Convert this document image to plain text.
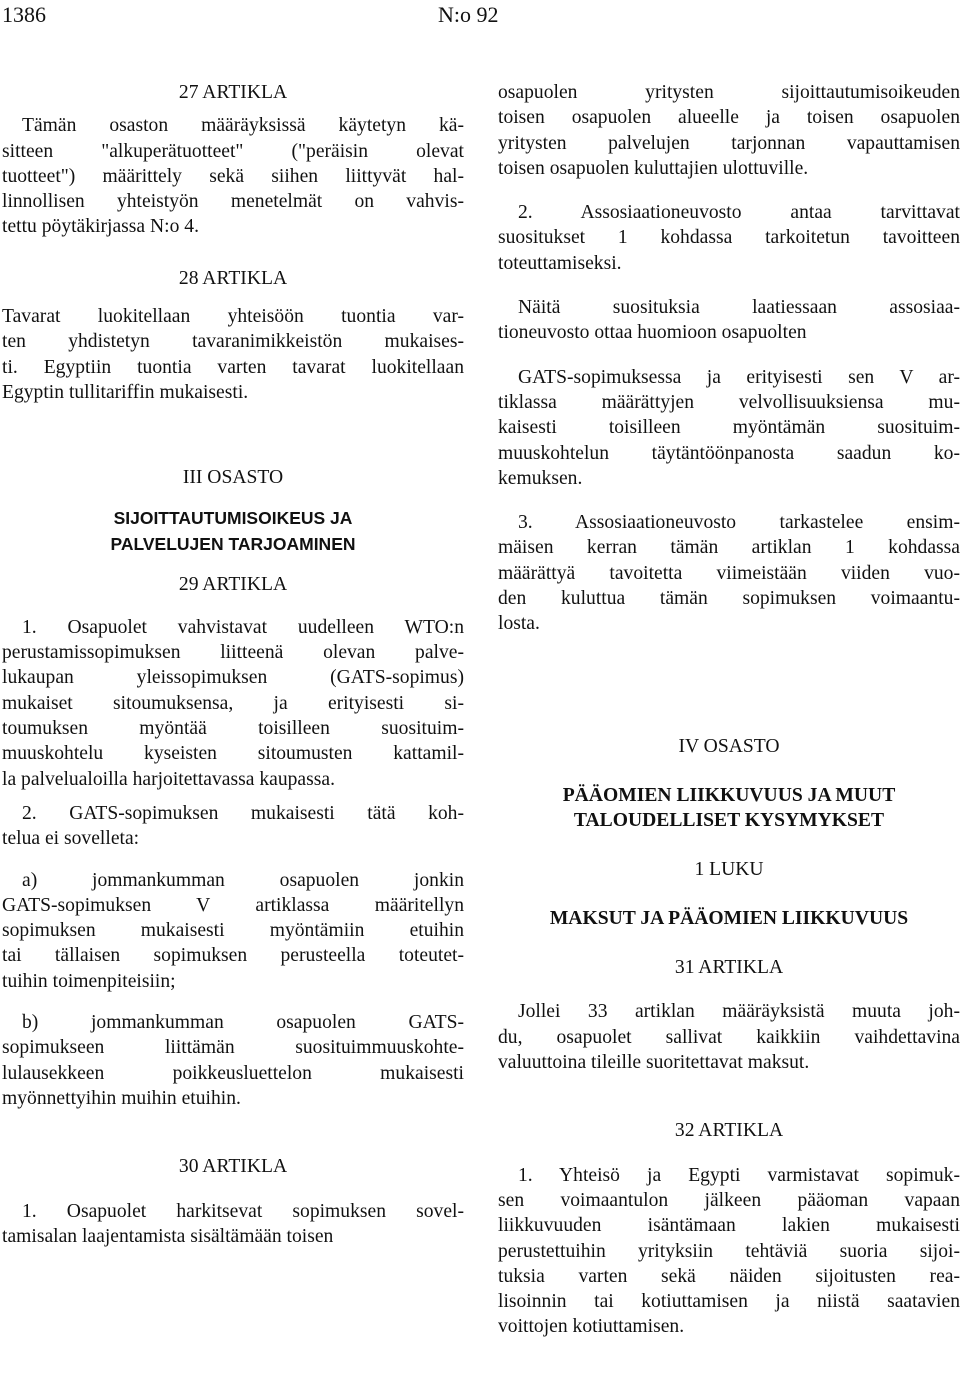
1386	N:o 92
27 ARTIKLA
Tämän osaston määräyksissä käytetyn kä-
sitteen "alkuperätuotteet" ("peräisin olevat
tuotteet") määrittely sekä siihen liittyvät hal-
linnollisen yhteistyön menetelmät on vahvis-
tettu pöytäkirjassa N:o 4.
28 ARTIKLA
Tavarat luokitellaan yhteisöön tuontia var-
ten yhdistetyn tavaranimikkeistön mukaises-
ti. Egyptiin tuontia varten tavarat luokitellaan
Egyptin tullitariffin mukaisesti.
III OSASTO
SIJOITTAUTUMISOIKEUS JA
PALVELUJEN TARJOAMINEN
29 ARTIKLA
1. Osapuolet vahvistavat uudelleen WTO:n
perustamissopimuksen liitteenä olevan palve-
lukaupan yleissopimuksen (GATS-sopimus)
mukaiset sitoumuksensa, ja erityisesti si-
toumuksen myöntää toisilleen suosituim-
muuskohtelu kyseisten sitoumusten kattamil-
la palvelualoilla harjoitettavassa kaupassa.
2. GATS-sopimuksen mukaisesti tätä koh-
telua ei sovelleta:
a) jommankumman osapuolen jonkin
GATS-sopimuksen V artiklassa määritellyn
sopimuksen mukaisesti myöntämiin etuihin
tai tällaisen sopimuksen perusteella toteutet-
tuihin toimenpiteisiin;
b) jommankumman osapuolen GATS-
sopimukseen liittämän suosituimmuuskohte-
lulausekkeen poikkeusluettelon mukaisesti
myönnettyihin muihin etuihin.
30 ARTIKLA
1. Osapuolet harkitsevat sopimuksen sovel-
tamisalan laajentamista sisältämään toisen
osapuolen yritysten sijoittautumisoikeuden
toisen osapuolen alueelle ja toisen osapuolen
yritysten palvelujen tarjonnan vapauttamisen
toisen osapuolen kuluttajien ulottuville.
2. Assosiaationeuvosto antaa tarvittavat
suositukset 1 kohdassa tarkoitetun tavoitteen
toteuttamiseksi.
Näitä suosituksia laatiessaan assosiaa-
tioneuvosto ottaa huomioon osapuolten
GATS-sopimuksessa ja erityisesti sen V ar-
tiklassa määrättyjen velvollisuuksiensa mu-
kaisesti toisilleen myöntämän suosituim-
muuskohtelun täytäntöönpanosta saadun ko-
kemuksen.
3. Assosiaationeuvosto tarkastelee ensim-
mäisen kerran tämän artiklan 1 kohdassa
määrättyä tavoitetta viimeistään viiden vuo-
den kuluttua tämän sopimuksen voimaantu-
losta.
IV OSASTO
PÄÄOMIEN LIIKKUVUUS JA MUUT
TALOUDELLISET KYSYMYKSET
1 LUKU
MAKSUT JA PÄÄOMIEN LIIKKUVUUS
31 ARTIKLA
Jollei 33 artiklan määräyksistä muuta joh-
du, osapuolet sallivat kaikkiin vaihdettavina
valuuttoina tileille suoritettavat maksut.
32 ARTIKLA
1. Yhteisö ja Egypti varmistavat sopimuk-
sen voimaantulon jälkeen pääoman vapaan
liikkuvuuden isäntämaan lakien mukaisesti
perustettuihin yrityksiin tehtäviä suoria sijoi-
tuksia varten sekä näiden sijoitusten rea-
lisoinnin tai kotiuttamisen ja niistä saatavien
voittojen kotiuttamisen.
